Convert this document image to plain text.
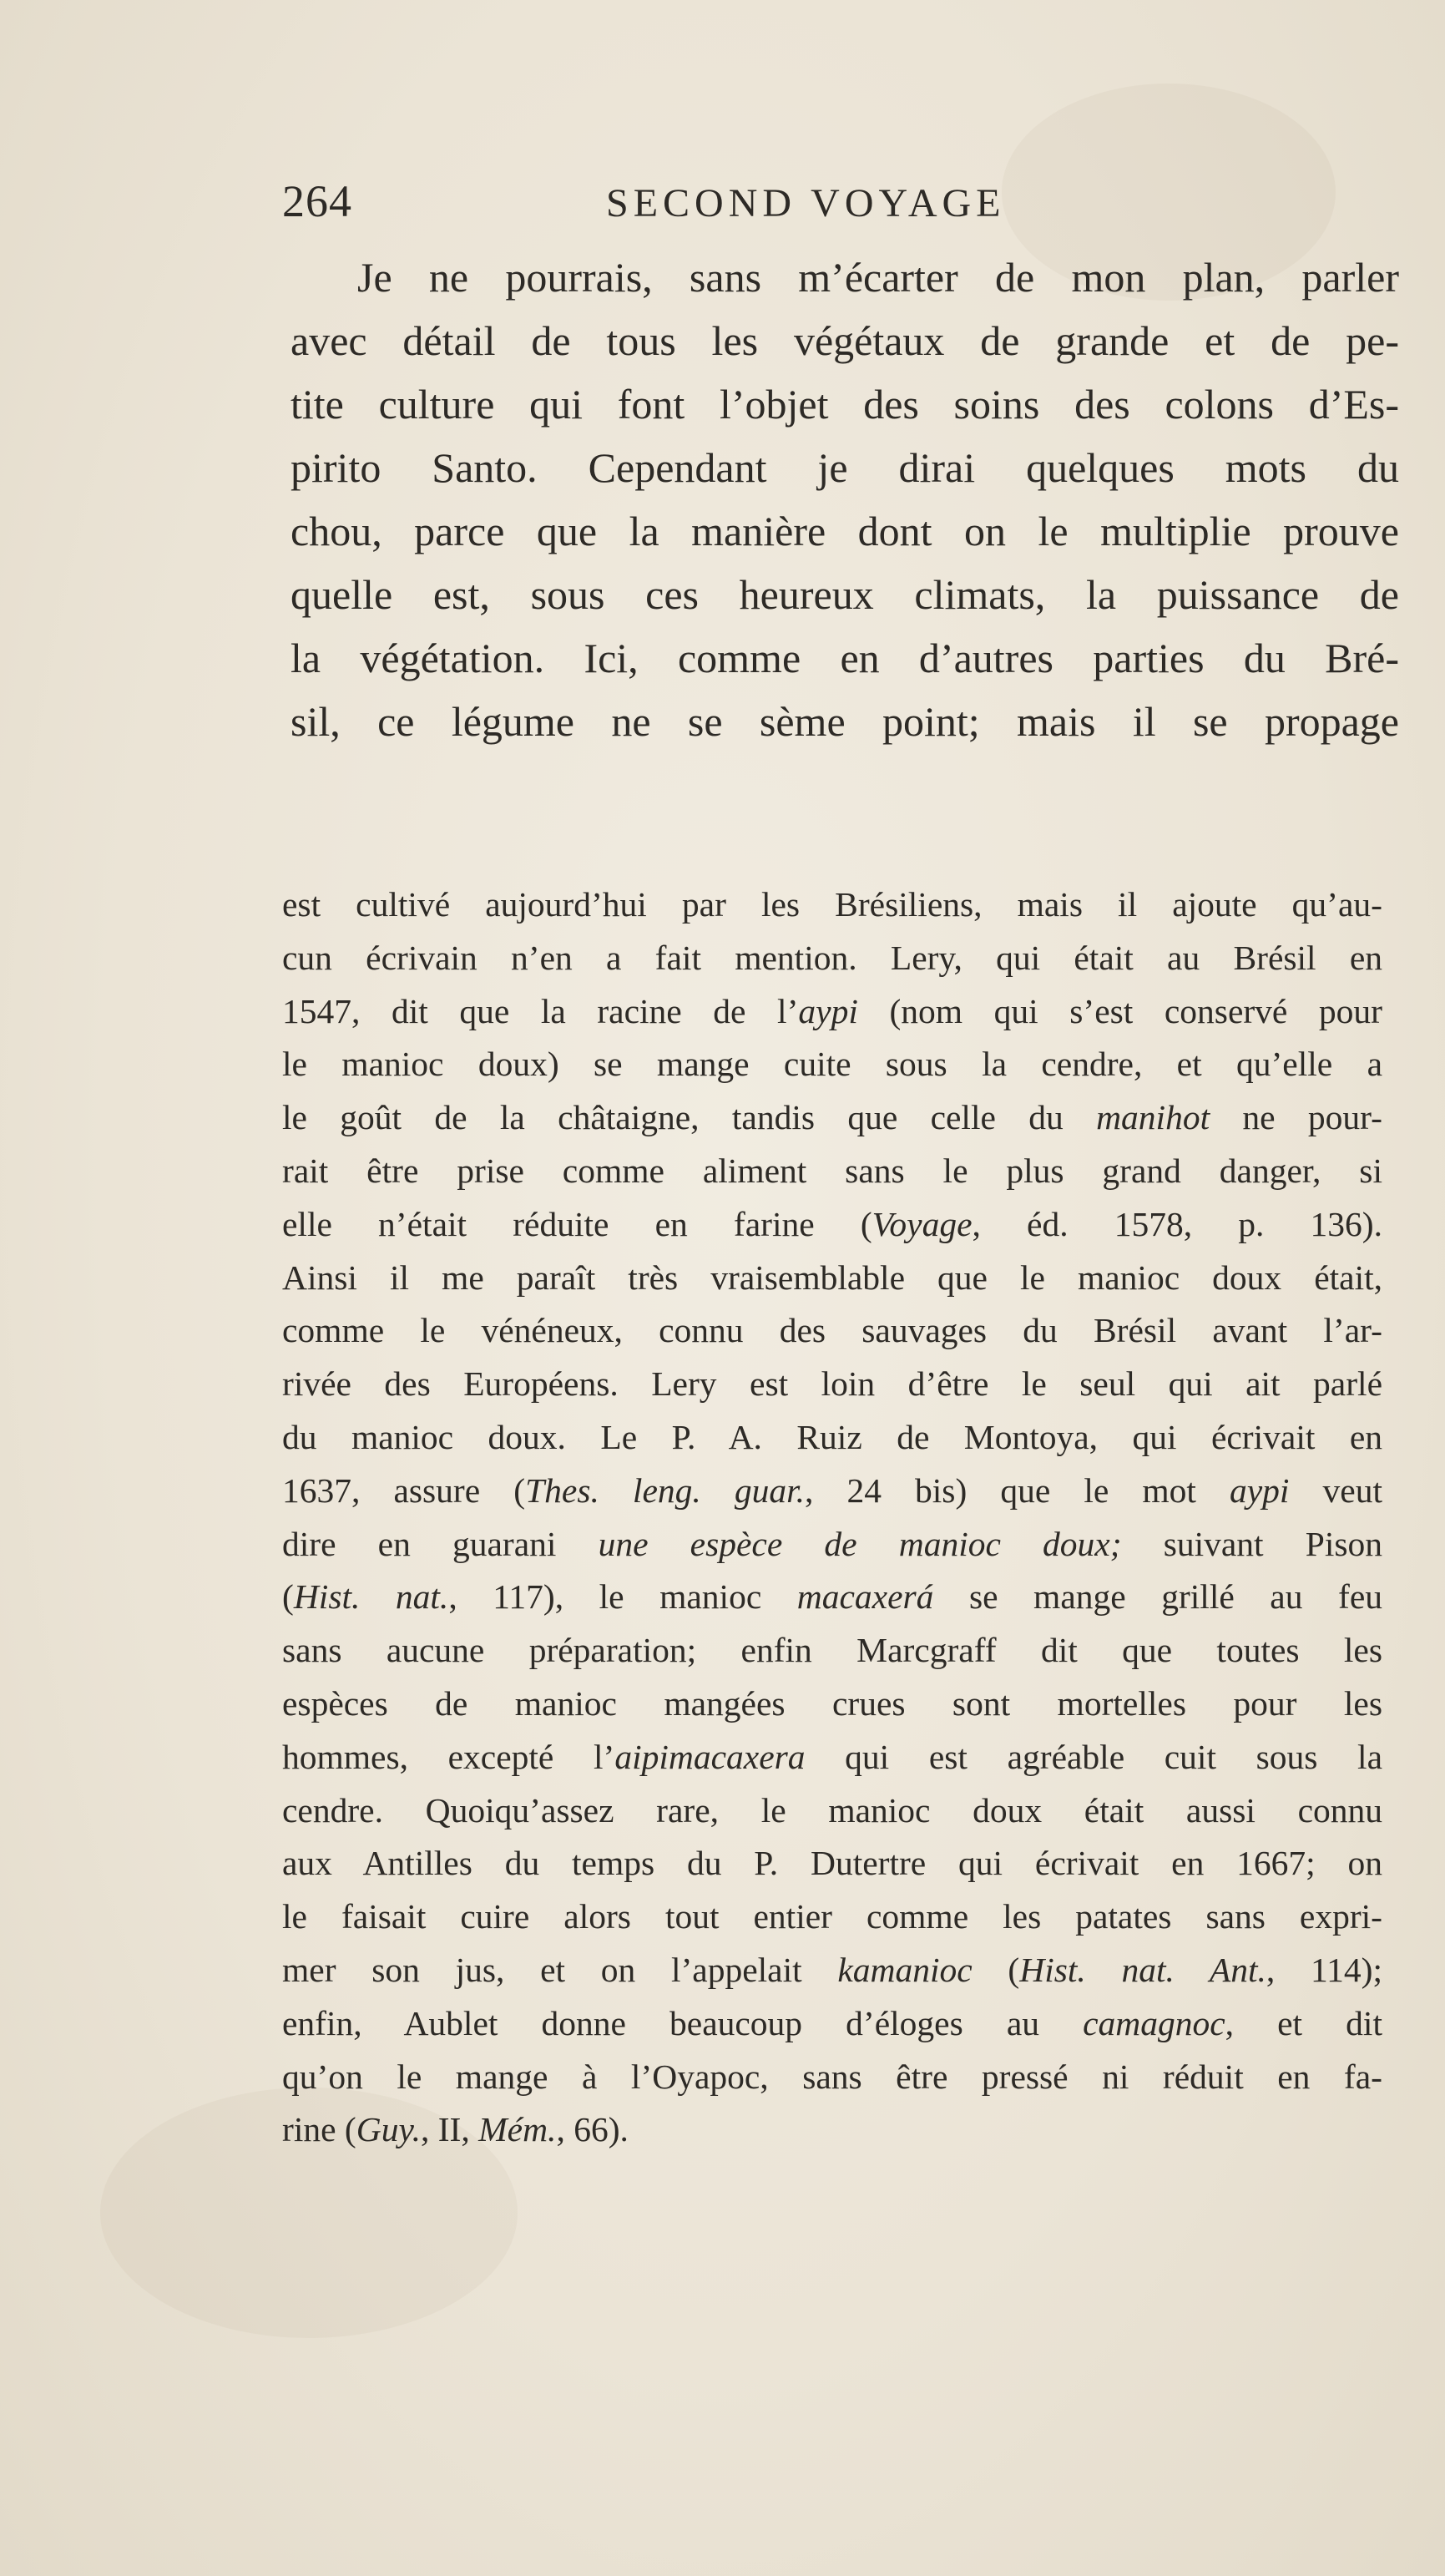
264	SECOND VOYAGE
Je ne pourrais, sans m’écarter de mon plan, parler
avec détail de tous les végétaux de grande et de pe-
tite culture qui font l’objet des soins des colons d’Es-
pirito Santo. Cependant je dirai quelques mots du
chou, parce que la manière dont on le multiplie prouve
quelle est, sous ces heureux climats, la puissance de
la végétation. Ici, comme en d’autres parties du Bré-
sil, ce légume ne se sème point; mais il se propage
est cultivé aujourd’hui par les Brésiliens, mais il ajoute qu’au-
cun écrivain n’en a fait mention. Lery, qui était au Brésil en
1547, dit que la racine de l’aypi (nom qui s’est conservé pour
le manioc doux) se mange cuite sous la cendre, et qu’elle a
le goût de la châtaigne, tandis que celle du manihot ne pour-
rait être prise comme aliment sans le plus grand danger, si
elle n’était réduite en farine (Voyage, éd. 1578, p. 136).
Ainsi il me paraît très vraisemblable que le manioc doux était,
comme le vénéneux, connu des sauvages du Brésil avant l’ar-
rivée des Européens. Lery est loin d’être le seul qui ait parlé
du manioc doux. Le P. A. Ruiz de Montoya, qui écrivait en
1637, assure (Thes. leng. guar., 24 bis) que le mot aypi veut
dire en guarani une espèce de manioc doux; suivant Pison
(Hist. nat., 117), le manioc macaxerá se mange grillé au feu
sans aucune préparation; enfin Marcgraff dit que toutes les
espèces de manioc mangées crues sont mortelles pour les
hommes, excepté l’aipimacaxera qui est agréable cuit sous la
cendre. Quoiqu’assez rare, le manioc doux était aussi connu
aux Antilles du temps du P. Dutertre qui écrivait en 1667; on
le faisait cuire alors tout entier comme les patates sans expri-
mer son jus, et on l’appelait kamanioc (Hist. nat. Ant., 114);
enfin, Aublet donne beaucoup d’éloges au camagnoc, et dit
qu’on le mange à l’Oyapoc, sans être pressé ni réduit en fa-
rine (Guy., II, Mém., 66).
